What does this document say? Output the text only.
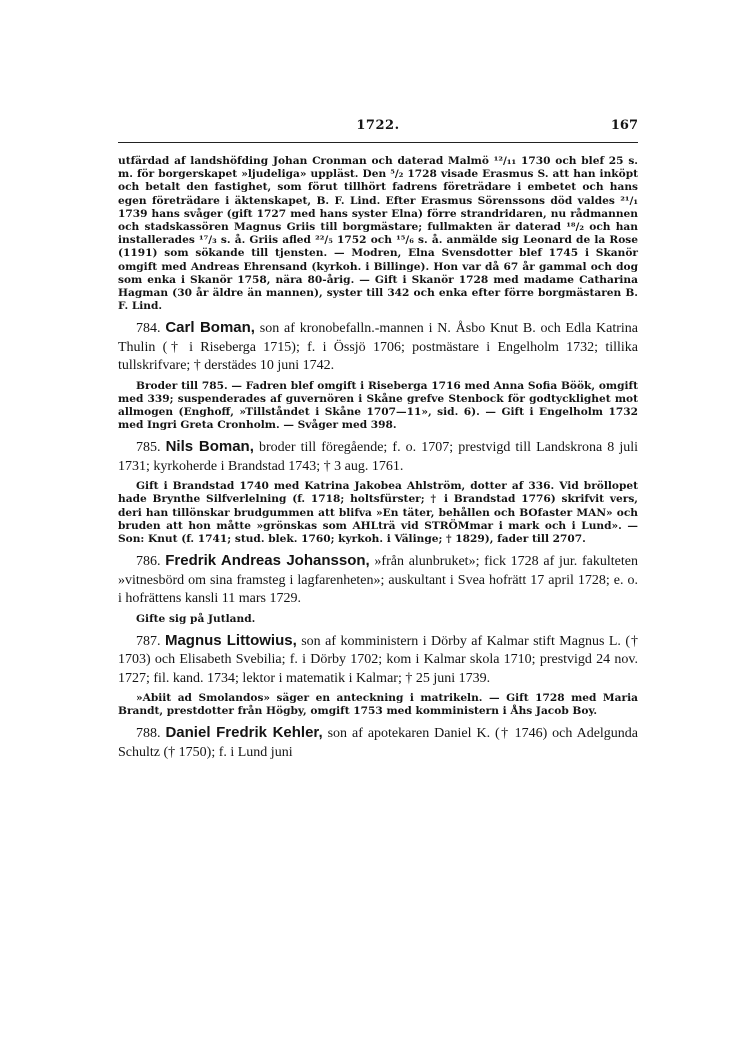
1722.	167

utfärdad af landshöfding Johan Cronman och daterad Malmö ¹²/₁₁ 1730 och blef 25 s. m. för borgerskapet »ljudeliga» uppläst. Den ⁵/₂ 1728 visade Erasmus S. att han inköpt och betalt den fastighet, som förut tillhört fadrens företrädare i embetet och hans egen företrädare i äktenskapet, B. F. Lind. Efter Erasmus Sörenssons död valdes ²¹/₁ 1739 hans svåger (gift 1727 med hans syster Elna) förre strandridaren, nu rådmannen och stadskassören Magnus Griis till borgmästare; fullmakten är daterad ¹⁸/₂ och han installerades ¹⁷/₃ s. å. Griis afled ²²/₅ 1752 och ¹⁵/₆ s. å. anmälde sig Leonard de la Rose (1191) som sökande till tjensten. — Modren, Elna Svensdotter blef 1745 i Skanör omgift med Andreas Ehrensand (kyrkoh. i Billinge). Hon var då 67 år gammal och dog som enka i Skanör 1758, nära 80-årig. — Gift i Skanör 1728 med madame Catharina Hagman (30 år äldre än mannen), syster till 342 och enka efter förre borgmästaren B. F. Lind.

784. Carl Boman, son af kronobefalln.-mannen i N. Åsbo Knut B. och Edla Katrina Thulin († i Riseberga 1715); f. i Össjö 1706; postmästare i Engelholm 1732; tillika tullskrifvare; † derstädes 10 juni 1742.

Broder till 785. — Fadren blef omgift i Riseberga 1716 med Anna Sofia Böök, omgift med 339; suspenderades af guvernören i Skåne grefve Stenbock för godtycklighet mot allmogen (Enghoff, »Tillståndet i Skåne 1707—11», sid. 6). — Gift i Engelholm 1732 med Ingri Greta Cronholm. — Svåger med 398.

785. Nils Boman, broder till föregående; f. o. 1707; prestvigd till Landskrona 8 juli 1731; kyrkoherde i Brandstad 1743; † 3 aug. 1761.

Gift i Brandstad 1740 med Katrina Jakobea Ahlström, dotter af 336. Vid bröllopet hade Brynthe Silfverlelning (f. 1718; holtsfürster; † i Brandstad 1776) skrifvit vers, deri han tillönskar brudgummen att blifva »En täter, behållen och BOfaster MAN» och bruden att hon måtte »grönskas som AHLträ vid STRÖMmar i mark och i Lund». — Son: Knut (f. 1741; stud. blek. 1760; kyrkoh. i Välinge; † 1829), fader till 2707.

786. Fredrik Andreas Johansson, »från alunbruket»; fick 1728 af jur. fakulteten »vitnesbörd om sina framsteg i lagfarenheten»; auskultant i Svea hofrätt 17 april 1728; e. o. i hofrättens kansli 11 mars 1729.

Gifte sig på Jutland.

787. Magnus Littowius, son af komministern i Dörby af Kalmar stift Magnus L. († 1703) och Elisabeth Svebilia; f. i Dörby 1702; kom i Kalmar skola 1710; prestvigd 24 nov. 1727; fil. kand. 1734; lektor i matematik i Kalmar; † 25 juni 1739.

»Abiit ad Smolandos» säger en anteckning i matrikeln. — Gift 1728 med Maria Brandt, prestdotter från Högby, omgift 1753 med komministern i Åhs Jacob Boy.

788. Daniel Fredrik Kehler, son af apotekaren Daniel K. († 1746) och Adelgunda Schultz († 1750); f. i Lund juni
